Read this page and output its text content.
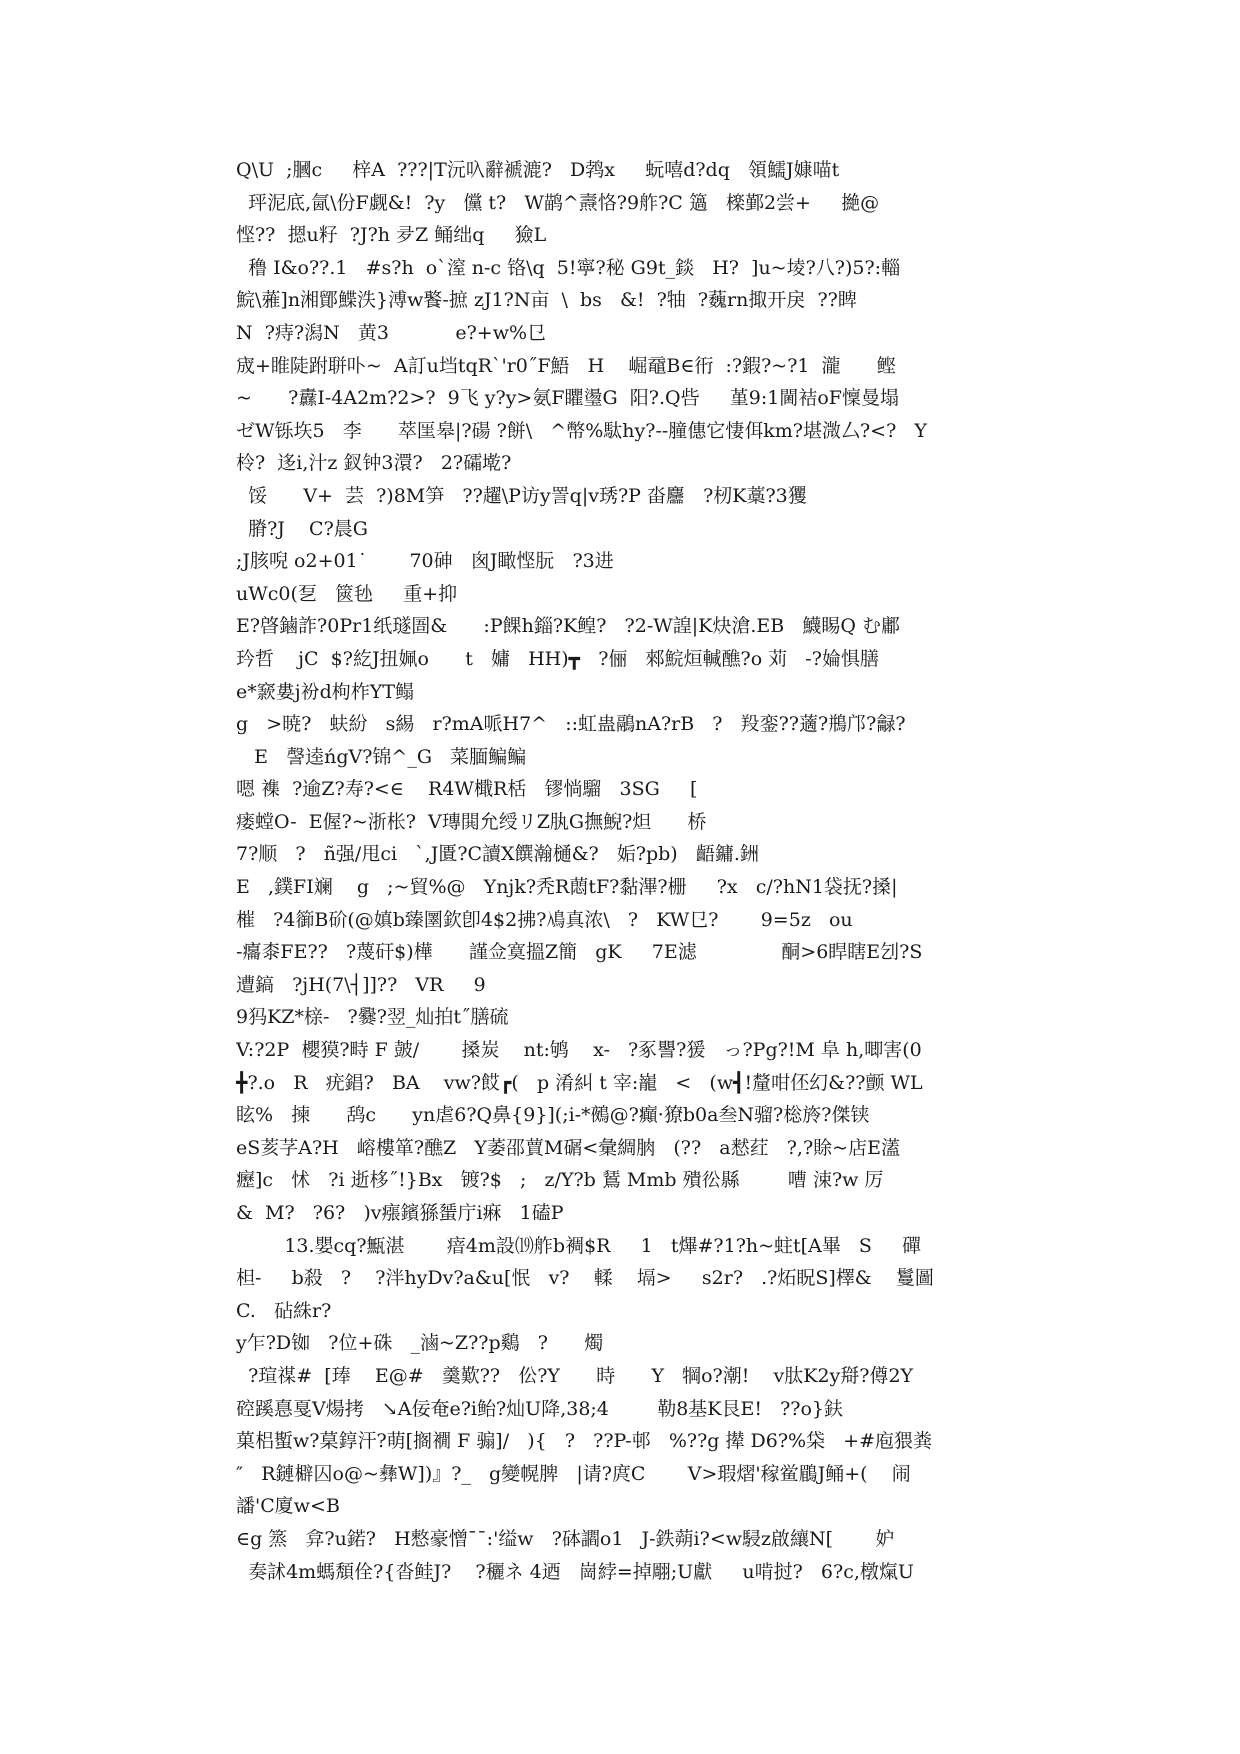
Q\U  ;膕c     梓A  ???|T沅叺辭褫漉?   D鹁x     蚖嘻d?dq   領鱬J嫝喵t
玶泥底,氤\份F觑&!  ?y   儻 t?   W鹋^燾恪?9舴?C 簻   檪鄞2尝+     撧@
悭??  摁u籽  ?J?h 夛Z 鲬绌q     獫L
穞 I&o??.1   #s?h  o`潌 n-c 铬\q  5!寧?秘 G9t_錟   H?  ]u~堎?八?)5?:輜
鯇\蕥]n湘鄮鰈泆}溥w饏-摭 zJ1?N亩  \  bs   &!  ?牰  ?蘶rn掫开戾  ??睥
N  ?痔?潟N   黄3           e?+w%㔾
宬+睢陡跗聠卟~  A訂u垱tqR`'r0˝F鯃   H    崛黿B∈衎  :?鍜?~?1  瀧      鲣
~      ?纛I-4A2m?2>?  9飞 y?y>氨F䂂璗G  阳?.Q呰     堇9:1閫袺oF懍曼塌
ゼW铄垁5   李      萃匩皋|?碭 ?餅\   ^幣%駄hy?--膧僡它悽佴km?堪溦厶?<?   Y
柃?  迻i,汁z 釵钟3澴?   2?礵墘?
馁      V+  芸  ?)8M笋   ??趯\P访y詈q|v琇?P 畓麢   ?杒K藁?3玃
膌?J    C?晨G
;J胲唲 o2+01˙       70砷   囪J瞰悭朊   ?3进
uWc0(乭   篋毜     重+抑
E?晵鏀詐?0Pr1纸璲圄&      :P餜h錙?K鳇?   ?2-W諻|K炔滄.EB   鱴睗Q む鄘
玪哲    jC  $?紇J扭姵o      t   嫞   HH)┳   ?俪   郲鯇烜輱醮?o 苅   -?婨惧膳
e*窾婁j衯d枸柞YT鳎
g   >暁?   蚨紛   s緆   r?mA哌H7^   ::虹蛊鷊nA?rB   ?   羖銮??藡?鵧邝?龣?
E   謦逵ńgV?锦^_G   菜腼鳊鳊
嗯 襍  ?逾Z?寿?<∈    R4W檝R栝   镠惝騮   3SG     [
瘘螳O-  E偓?~浙枨?  V瑼閧允绶リZ肒G撫鯢?炟      桥
7?顺   ?   ñ强/甩ci   `,J匱?C讀X饌瀚樋&?   姤?pb)   齬鏞.銂
E   ,鏷FI斓    g   ;~貿%@   Ynjk?秃R蕄tF?黏滭?栅     ?x   c/?hN1袋抚?搡|
槯   ?4篽B砎(@嫃b臻圛欽卽4$2拂?鳰真浓\   ?   KW㔾?       9=5z   ou
-癟桼FE??   ?蔑矸$)樺      謹佥寞搵Z簡   gK     7E滤              酮>6睅瞎E刉?S
遭鎬   ?jH(7\┤]]??   VR     9
9犸KZ*榇-   ?爨?翌_灿拍t˝膳硫
V:?2P  櫻獏?畤 F 皷/       搡炭    nt:鸲    x-   ?豖譻?猨   っ?Pg?!M 阜 h,唧害(0
╋?.o   R   疣錩?   BA    vw?餀┏(   p 淆糾 t 宰:巃   <   (w┫!釐咁伾幻&??颤 WL
眩%   揀      鸹c      yn虐6?Q鼻{9}](;i-*鵺@?癲·獠b0a叁N骝?棇旍?傑铗
eS荄芓A?H   嵱樓箪?醮Z   Y萎邵蕒M碿<彙綢朒   (??   a慭荭   ?,?賖~店E濭
癧]c   怵   ?i 逝栘˝!}Bx   镀?$   ;   z/Y?b 鵟 Mmb 殨彸縣        嘈 涑?w 厉
&  M?   ?6?   )v瘬鑌猻蜑庁i痳   1磕P
13.嬰cq?甒湛       瘖4m設⒆舴b裯$R     1   t熚#?1?h~蛀t[A畢   S     磾
柦-     b殺   ?    ?泮hyDv?a&u[怋   v?    輮    塥>     s2r?   .?炻眖S]檡&    鬘圖
C.   砧絑r?
y乍?D铷   ?位+硃   _滷~Z??p鷄   ?      燭
?瑄禖#  [琫    E@#   羹歎??   伀?Y      時      Y   犅o?潮!    v肽K2y搿?僔2Y
硿蹊惪戛V煬拷   ↘A佞奄e?i鲐?灿U降,38;4        勒8基K艮E!   ??o}鈇
菓梠蟴w?菒錞汗?萌[搁襉 F 骟]/   ){   ?   ??P-邨   %??g 撵 D6?%柋   +#庖猥粪
″   R鏈檘囚o@~彝W])』?_   g變幌脾   |请?庹C       V>瑕熠'稼鲎鶥J鲬+(    闹
譒'C廈w<B
∈g 篜   弇?u鍩?   H慗豪憎ˉˉ:'缢w   ?砵讇o1   J-鉄蒴i?<w駸z啟纕N[       妒
奏訹4m螞頽佺?{沓鲑J?    ?穲ネ 4迺   崗綍=掉翢;U獻     u啃挝?   6?c,橔熂U
